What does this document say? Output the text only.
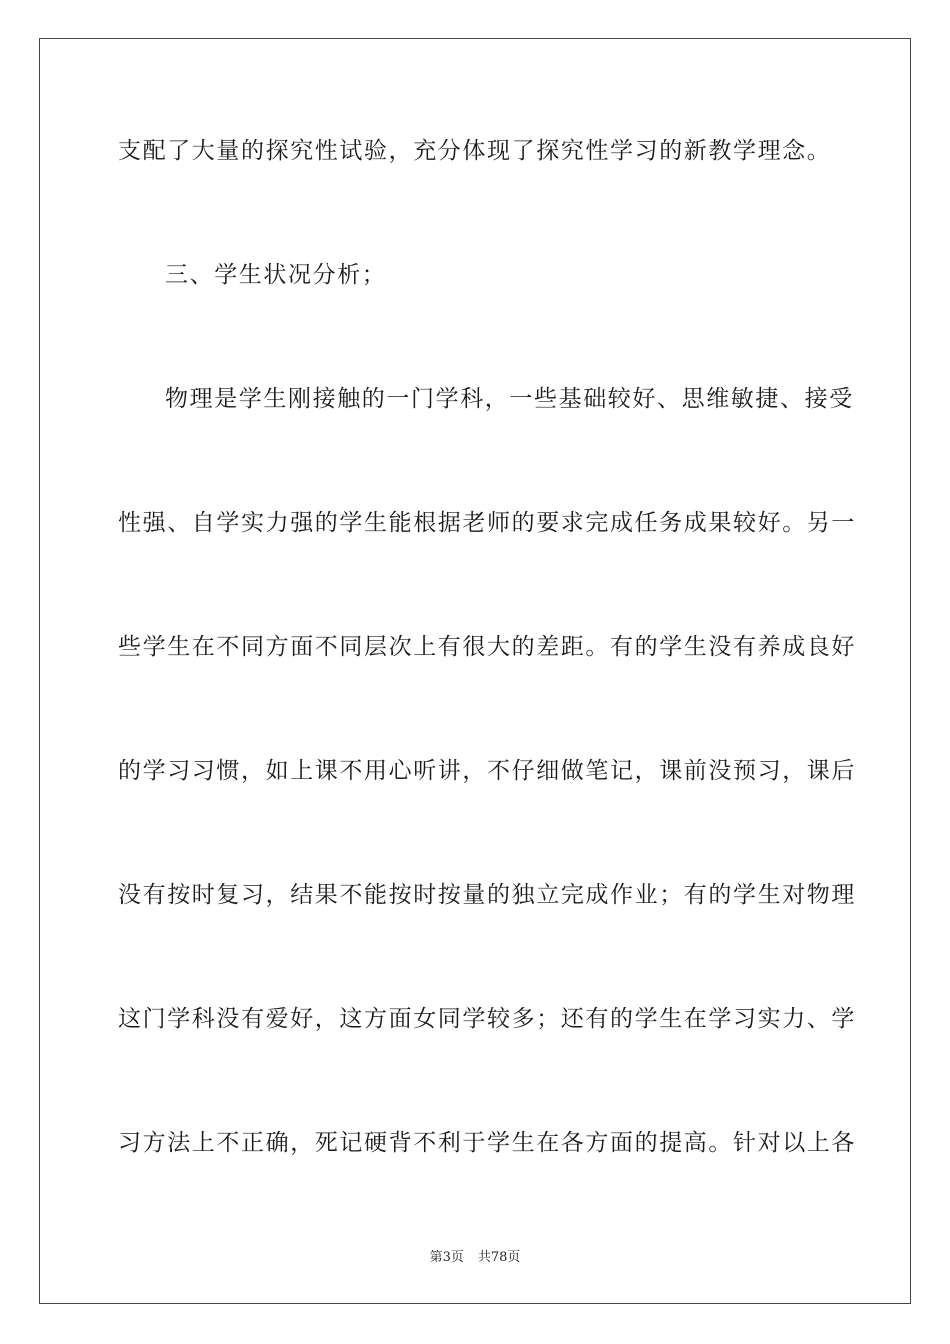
支配了大量的探究性试验，充分体现了探究性学习的新教学理念。
三、学生状况分析；
物理是学生刚接触的一门学科，一些基础较好、思维敏捷、接受
性强、自学实力强的学生能根据老师的要求完成任务成果较好。另一
些学生在不同方面不同层次上有很大的差距。有的学生没有养成良好
的学习习惯，如上课不用心听讲，不仔细做笔记，课前没预习，课后
没有按时复习，结果不能按时按量的独立完成作业；有的学生对物理
这门学科没有爱好，这方面女同学较多；还有的学生在学习实力、学
习方法上不正确，死记硬背不利于学生在各方面的提高。针对以上各
第3页 共78页
